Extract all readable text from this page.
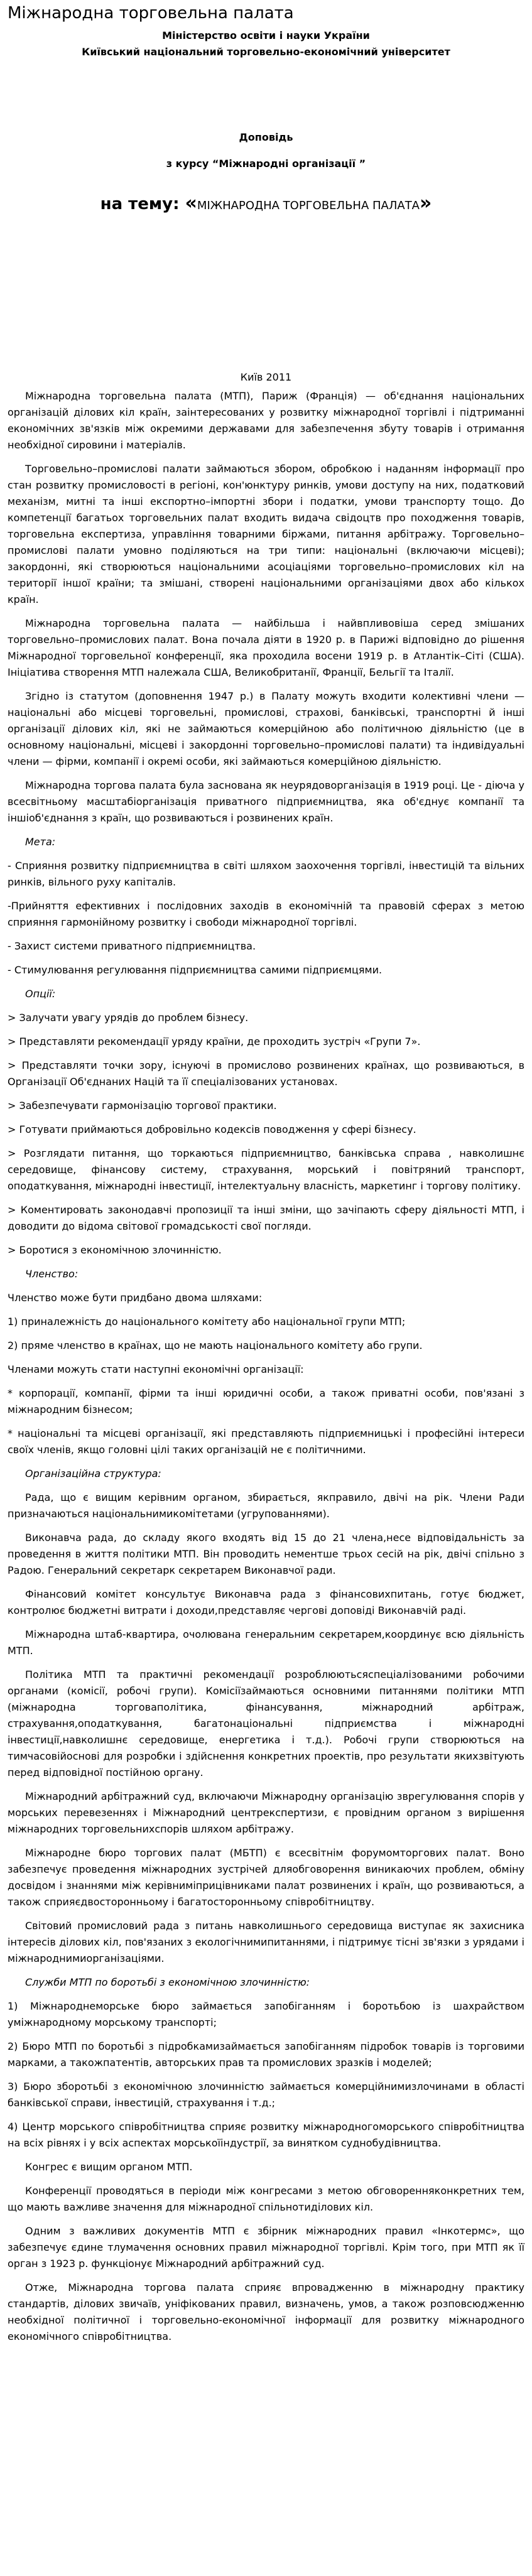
Міжнародна торговельна палата
Міністерство освіти і науки України
Київський національний торговельно-економічний університет
Доповідь
з курсу “Міжнародні організації ”
на тему: «МІЖНАРОДНА ТОРГОВЕЛЬНА ПАЛАТА»
Київ 2011

Міжнародна торговельна палата (МТП), Париж (Франція) — об'єднання національних організацій ділових кіл країн, заінтересованих у розвитку міжнародної торгівлі і підтриманні економічних зв'язків між окремими державами для забезпечення збуту товарів і отримання необхідної сировини і матеріалів.

Торговельно–промислові палати займаються збором, обробкою і наданням інформації про стан розвитку промисловості в регіоні, кон'юнктуру ринків, умови доступу на них, податковий механізм, митні та інші експортно–імпортні збори і податки, умови транспорту тощо. До компетенції багатьох торговельних палат входить видача свідоцтв про походження товарів, торговельна експертиза, управління товарними біржами, питання арбітражу. Торговельно–промислові палати умовно поділяються на три типи: національні (включаючи місцеві); закордонні, які створюються національними асоціаціями торговельно–промислових кіл на території іншої країни; та змішані, створені національними організаціями двох або кількох країн.

Міжнародна торговельна палата — найбільша і найвпливовіша серед змішаних торговельно–промислових палат. Вона почала діяти в 1920 р. в Парижі відповідно до рішення Міжнародної торговельної конференції, яка проходила восени 1919 р. в Атлантік–Сіті (США). Ініціатива створення МТП належала США, Великобританії, Франції, Бельгії та Італії.

Згідно із статутом (доповнення 1947 р.) в Палату можуть входити колективні члени — національні або місцеві торговельні, промислові, страхові, банківські, транспортні й інші організації ділових кіл, які не займаються комерційною або політичною діяльністю (це в основному національні, місцеві і закордонні торговельно–промислові палати) та індивідуальні члени — фірми, компанії і окремі особи, які займаються комерційною діяльністю.

Міжнародна торгова палата була заснована як неурядоворганізація в 1919 році. Це - діюча у всесвітньому масштабіорганізація приватного підприємництва, яка об'єднує компанії та іншіоб'єднання з країн, що розвиваються і розвинених країн.

Мета:

- Сприяння розвитку підприємництва в світі шляхом заохочення торгівлі, інвестицій та вільних ринків, вільного руху капіталів.

-Прийняття ефективних і послідовних заходів в економічній та правовій сферах з метою сприяння гармонійному розвитку і свободи міжнародної торгівлі.

- Захист системи приватного підприємництва.

- Стимулювання регулювання підприємництва самими підприємцями.

Опції:

> Залучати увагу урядів до проблем бізнесу.

> Представляти рекомендації уряду країни, де проходить зустріч «Групи 7».

> Представляти точки зору, існуючі в промислово розвинених країнах, що розвиваються, в Організації Об'єднаних Націй та її спеціалізованих установах.

> Забезпечувати гармонізацію торгової практики.

> Готувати приймаються добровільно кодексів поводження у сфері бізнесу.

> Розглядати питання, що торкаються підприємництво, банківська справа , навколишнє середовище, фінансову систему, страхування, морський і повітряний транспорт, оподаткування, міжнародні інвестиції, інтелектуальну власність, маркетинг і торгову політику.

> Коментировать законодавчі пропозиції та інші зміни, що зачіпають сферу діяльності МТП, і доводити до відома світової громадськості свої погляди.

> Боротися з економічною злочинністю.

Членство:

Членство може бути придбано двома шляхами:

1) приналежність до національного комітету або національної групи МТП;

2) пряме членство в країнах, що не мають національного комітету або групи.

Членами можуть стати наступні економічні організації:

* корпорації, компанії, фірми та інші юридичні особи, а також приватні особи, пов'язані з міжнародним бізнесом;

* національні та місцеві організації, які представляють підприємницькі і професійні інтереси своїх членів, якщо головні цілі таких організацій не є політичними.

Організаційна структура:

Рада, що є вищим керівним органом, збирається, якправило, двічі на рік. Члени Ради призначаються національнимикомітетами (угрупованнями).

Виконавча рада, до складу якого входять від 15 до 21 члена,несе відповідальність за проведення в життя політики МТП. Він проводить нементше трьох сесій на рік, двічі спільно з Радою. Генеральний секретарк секретарем Виконавчої ради.

Фінансовий комітет консультує Виконавча рада з фінансовихпитань, готує бюджет, контролює бюджетні витрати і доходи,представляє чергові доповіді Виконавчій раді.

Міжнародна штаб-квартира, очолювана генеральним секретарем,координує всю діяльність МТП.

Політика МТП та практичні рекомендації розроблюютьсяспеціалізованими робочими органами (комісії, робочі групи). Комісіїзаймаються основними питаннями політики МТП (міжнародна торговаполітика, фінансування, міжнародний арбітраж, страхування,оподаткування, багатонаціональні підприємства і міжнародні інвестиції,навколишнє середовище, енергетика і т.д.). Робочі групи створюються на тимчасовійоснові для розробки і здійснення конкретних проектів, про результати якихзвітують перед відповідної постійною органу.

Міжнародний арбітражний суд, включаючи Міжнародну організацію зврегулювання спорів у морських перевезеннях і Міжнародний центрекспертизи, є провідним органом з вирішення міжнародних торговельнихспорів шляхом арбітражу.

Міжнародне бюро торгових палат (МБТП) є всесвітнім форумомторгових палат. Воно забезпечує проведення міжнародних зустрічей дляобговорення виникаючих проблем, обміну досвідом і знаннями між керівниміприцівниками палат розвинених і країн, що розвиваються, а також сприяєдвосторонньому і багатосторонньому співробітництву.

Світовий промисловий рада з питань навколишнього середовища виступає як захисника інтересів ділових кіл, пов'язаних з екологічнимипитаннями, і підтримує тісні зв'язки з урядами і міжнароднимиорганізаціями.

Служби МТП по боротьбі з економічною злочинністю:

1) Міжнароднеморське бюро займається запобіганням і боротьбою із шахрайством уміжнародному морському транспорті;

2) Бюро МТП по боротьбі з підробкамизаймається запобіганням підробок товарів із торговими марками, а такожпатентів, авторських прав та промислових зразків і моделей;

3) Бюро зборотьбі з економічною злочинністю займається комерційнимизлочинами в області банківської справи, інвестицій, страхування і т.д.;

4) Центр морського співробітництва сприяє розвитку міжнародногоморського співробітництва на всіх рівнях і у всіх аспектах морськоїіндустрії, за винятком суднобудівництва.

Конгрес є вищим органом МТП.

Конференції проводяться в періоди між конгресами з метою обговоренняконкретних тем, що мають важливе значення для міжнародної спільнотиділових кіл.

Одним з важливих документів МТП є збірник міжнародних правил «Інкотермс», що забезпечує єдине тлумачення основних правил міжнародної торгівлі. Крім того, при МТП як її орган з 1923 р. функціонує Міжнародний арбітражний суд.

Отже, Міжнародна торгова палата сприяє впровадженню в міжнародну практику стандартів, ділових звичаїв, уніфікованих правил, визначень, умов, а також розповсюдженню необхідної політичної і торговельно-економічної інформації для розвитку міжнародного економічного співробітництва.
